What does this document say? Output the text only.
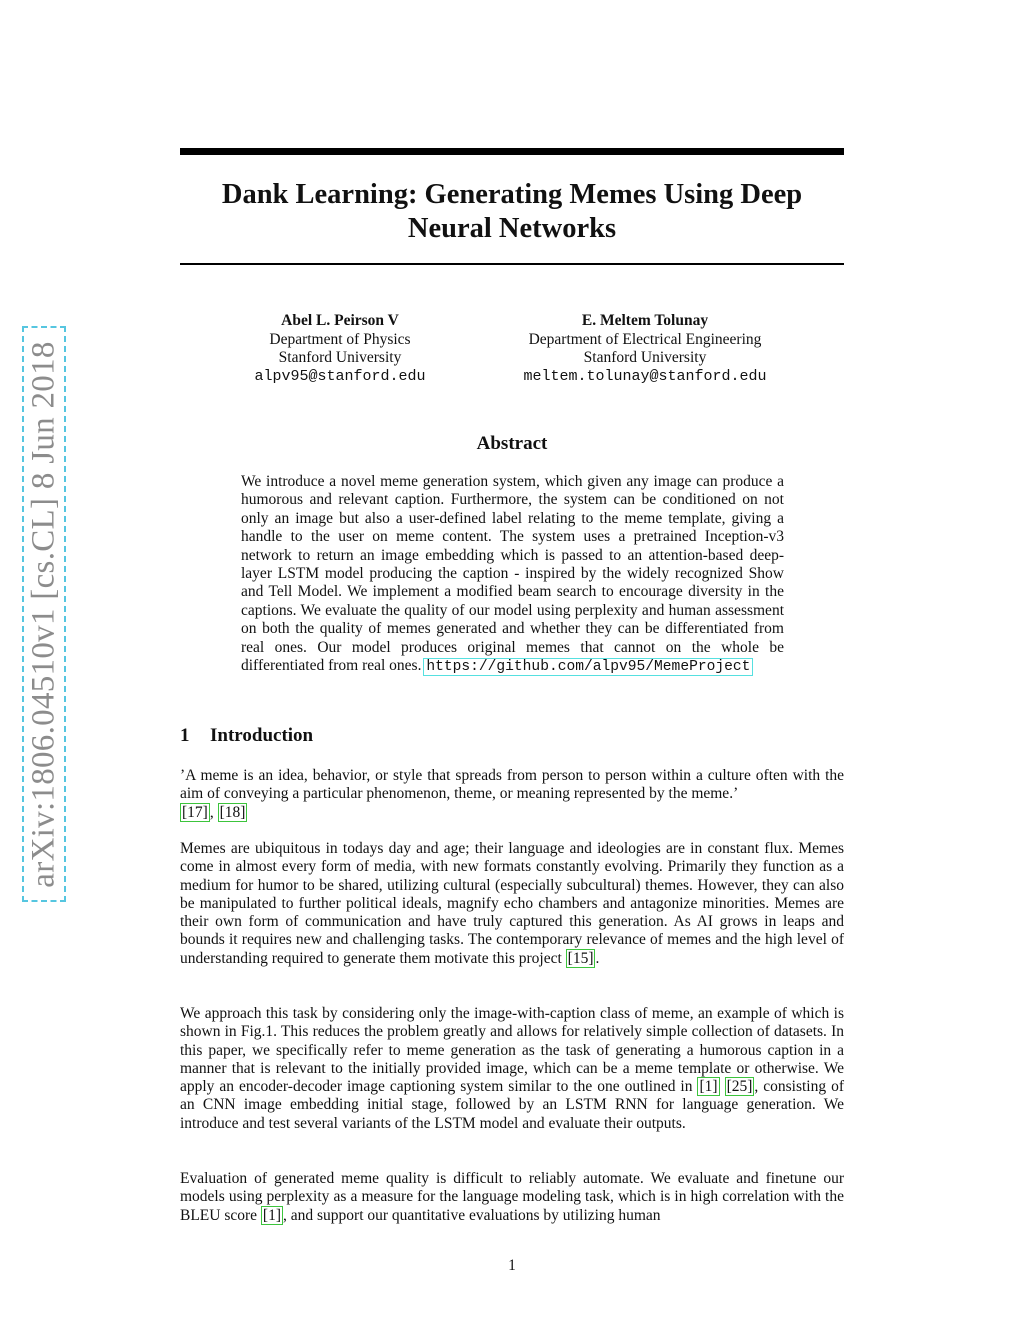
arXiv:1806.04510v1 [cs.CL] 8 Jun 2018
Dank Learning: Generating Memes Using Deep Neural Networks
Abel L. Peirson V
Department of Physics
Stanford University
alpv95@stanford.edu
E. Meltem Tolunay
Department of Electrical Engineering
Stanford University
meltem.tolunay@stanford.edu
Abstract
We introduce a novel meme generation system, which given any image can produce a humorous and relevant caption. Furthermore, the system can be conditioned on not only an image but also a user-defined label relating to the meme template, giving a handle to the user on meme content. The system uses a pretrained Inception-v3 network to return an image embedding which is passed to an attention-based deep-layer LSTM model producing the caption - inspired by the widely recognized Show and Tell Model. We implement a modified beam search to encourage diversity in the captions. We evaluate the quality of our model using perplexity and human assessment on both the quality of memes generated and whether they can be differentiated from real ones. Our model produces original memes that cannot on the whole be differentiated from real ones. https://github.com/alpv95/MemeProject
1 Introduction

’A meme is an idea, behavior, or style that spreads from person to person within a culture often with the aim of conveying a particular phenomenon, theme, or meaning represented by the meme.’
[17] , [18]

Memes are ubiquitous in todays day and age; their language and ideologies are in constant flux. Memes come in almost every form of media, with new formats constantly evolving. Primarily they function as a medium for humor to be shared, utilizing cultural (especially subcultural) themes. However, they can also be manipulated to further political ideals, magnify echo chambers and antagonize minorities. Memes are their own form of communication and have truly captured this generation. As AI grows in leaps and bounds it requires new and challenging tasks. The contemporary relevance of memes and the high level of understanding required to generate them motivate this project [15] .

We approach this task by considering only the image-with-caption class of meme, an example of which is shown in Fig.1. This reduces the problem greatly and allows for relatively simple collection of datasets. In this paper, we specifically refer to meme generation as the task of generating a humorous caption in a manner that is relevant to the initially provided image, which can be a meme template or otherwise. We apply an encoder-decoder image captioning system similar to the one outlined in [1] [25] , consisting of an CNN image embedding initial stage, followed by an LSTM RNN for language generation. We introduce and test several variants of the LSTM model and evaluate their outputs.

Evaluation of generated meme quality is difficult to reliably automate. We evaluate and finetune our models using perplexity as a measure for the language modeling task, which is in high correlation with the BLEU score [1] , and support our quantitative evaluations by utilizing human

1
